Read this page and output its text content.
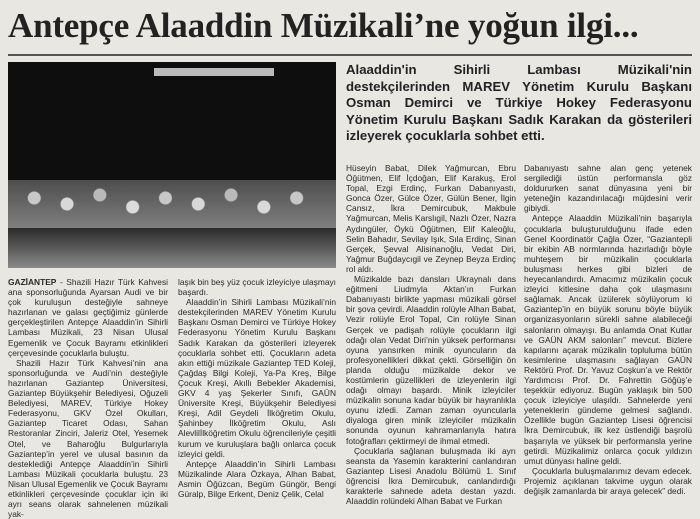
Antepçe Alaaddin Müzikali’ne yoğun ilgi...
Alaaddin'in Sihirli Lambası Müzikali'nin destekçilerinden MAREV Yönetim Kurulu Başkanı Osman Demirci ve Türkiye Hokey Federasyonu Yönetim Kurulu Başkanı Sadık Karakan da gösterileri izleyerek çocuklarla sohbet etti.

GAZİANTEP - Shazili Hazır Türk Kahvesi ana sponsorluğunda Ayarsan Audi ve bir çok kuruluşun desteğiyle sahneye hazırlanan ve galası geçtiğimiz günlerde gerçekleştirilen Antepçe Alaaddin’in Sihirli Lambası Müzikali, 23 Nisan Ulusal Egemenlik ve Çocuk Bayramı etkinlikleri çerçevesinde çocuklarla buluştu.

Shazili Hazır Türk Kahvesi’nin ana sponsorluğunda ve Audi’nin desteğiyle hazırlanan Gaziantep Üniversitesi, Gaziantep Büyükşehir Belediyesi, Oğuzeli Belediyesi, MAREV, Türkiye Hokey Federasyonu, GKV Özel Okulları, Gaziantep Ticaret Odası, Sahan Restoranlar Zinciri, Jaleriz Otel, Yesemek Otel, ve Baharoğlu Bulgurlarıyla Gaziantep’in yerel ve ulusal basının da desteklediği Antepçe Alaaddin’in Sihirli Lambası Müzikali çocuklarla buluştu. 23 Nisan Ulusal Egemenlik ve Çocuk Bayramı etkinlikleri çerçevesinde çocuklar için iki ayrı seans olarak sahnelenen müzikali yak-

laşık bin beş yüz çocuk izleyiciye ulaşmayı başardı.

Alaaddin’in Sihirli Lambası Müzikali’nin destekçilerinden MAREV Yönetim Kurulu Başkanı Osman Demirci ve Türkiye Hokey Federasyonu Yönetim Kurulu Başkanı Sadık Karakan da gösterileri izleyerek çocuklarla sohbet etti. Çocukların adeta akın ettiği müzikale Gaziantep TED Koleji, Çağdaş Bilgi Koleji, Ya-Pa Kreş, Bilge Çocuk Kreşi, Akıllı Bebekler Akademisi, GKV 4 yaş Şekerler Sınıfı, GAÜN Üniversite Kreşi, Büyükşehir Belediyesi Kreşi, Adil Geydeli İlköğretim Okulu, Şahinbey İlköğretim Okulu, Aslı Alevlilİlköğretim Okulu öğrencileriyle çeşitli kurum ve kuruluşlara bağlı onlarca çocuk izleyici geldi.

Antepçe Alaaddin’in Sihirli Lambası Müzikalinde Alara Özkaya, Alhan Babat, Asmin Öğüzcan, Begüm Güngör, Bengi Güralp, Bilge Erkent, Deniz Çelik, Celal

Hüseyin Babat, Dilek Yağmurcan, Ebru Öğütmen, Elif İçdoğan, Elif Karakuş, Erol Topal, Ezgi Erdinç, Furkan Dabanıyastı, Gonca Özer, Gülce Özer, Gülün Bener, İlgin Cansız, İkra Demircubuk, Makbule Yağmurcan, Melis Karslıgil, Nazlı Özer, Nazra Aydıngüler, Öykü Öğütmen, Elif Kaleoğlu, Selin Bahadır, Sevilay Işık, Sıla Erdinç, Sinan Gerçek, Şevval Alisinanoğlu, Vedat Diri, Yağmur Buğdaycıgil ve Zeynep Beyza Erdinç rol aldı.

Müzikalde bazı dansları Ukraynalı dans eğitmeni Liudmyla Aktan’ın Furkan Dabanıyastı birlikte yapması müzikali görsel bir şova çevirdi. Alaaddin rolüyle Alhan Babat, Vezir rolüyle Erol Topal, Cin rolüyle Sinan Gerçek ve padişah rolüyle çocukların ilgi odağı olan Vedat Diri’nin yüksek performansı oyuna yansırken minik oyuncuların da profesyonellikleri dikkat çekti. Görselliğin ön planda olduğu müzikalde dekor ve kostümlerin güzellikleri de izleyenlerin ilgi odağı olmayı başardı. Minik izleyiciler müzikalin sonuna kadar büyük bir hayranlıkla oyunu izledi. Zaman zaman oyuncularla diyaloga giren minik izleyiciler müzikalin sonunda oyunun kahramanlarıyla hatıra fotoğrafları çektirmeyi de ihmal etmedi.

Çocuklarla sağlanan buluşmada iki ayrı seansta da Yasemin karakterini canlandıran Gaziantep Lisesi Anadolu Bölümü 1. Sınıf öğrencisi İkra Demircubuk, canlandırdığı karakterle sahnede adeta destan yazdı. Alaaddin rolündeki Alhan Babat ve Furkan

Dabanıyastı sahne alan genç yetenek sergilediği üstün performansla göz doldururken sanat dünyasına yeni bir yeteneğin kazandırılacağı müjdesini verir gibiydi.

Antepçe Alaaddin Müzikali’nin başarıyla çocuklarla buluşturulduğunu ifade eden Genel Koordinatör Çağla Özer, “Gaziantepli bir ekibin AB normlarında hazırladığı böyle muhteşem bir müzikalin çocuklarla buluşması herkes gibi bizleri de heyecanlandırdı. Amacımız müzikalin çocuk izleyici kitlesine daha çok ulaşmasını sağlamak. Ancak üzülerek söylüyorum ki Gaziantep’in en büyük sorunu böyle büyük organizasyonların sürekli sahne alabileceği salonların olmayışı. Bu anlamda Onat Kutlar ve GAÜN AKM salonları” mevcut. Bizlere kapılarını açarak müzikalin topluluma bütün kesimlerine ulaşmasını sağlayan GAÜN Rektörü Prof. Dr. Yavuz Coşkun’a ve Rektör Yardımcısı Prof. Dr. Fahrettin Göğüş’e teşekkür ediyoruz. Bugün yaklaşık bin 500 çocuk izleyiciye ulaşıldı. Sahnelerde yeni yeteneklerin gündeme gelmesi sağlandı. Özellikle bugün Gaziantep Lisesi öğrencisi İkra Demircubuk, ilk kez üstlendiği başrolü başarıyla ve yüksek bir performansla yerine getirdi. Müzikalimiz onlarca çocuk yıldızın umut dünyası haline geldi.

Çocuklarla buluşmalarımız devam edecek. Projemiz açıklanan takvime uygun olarak değişik zamanlarda bir araya gelecek” dedi.
